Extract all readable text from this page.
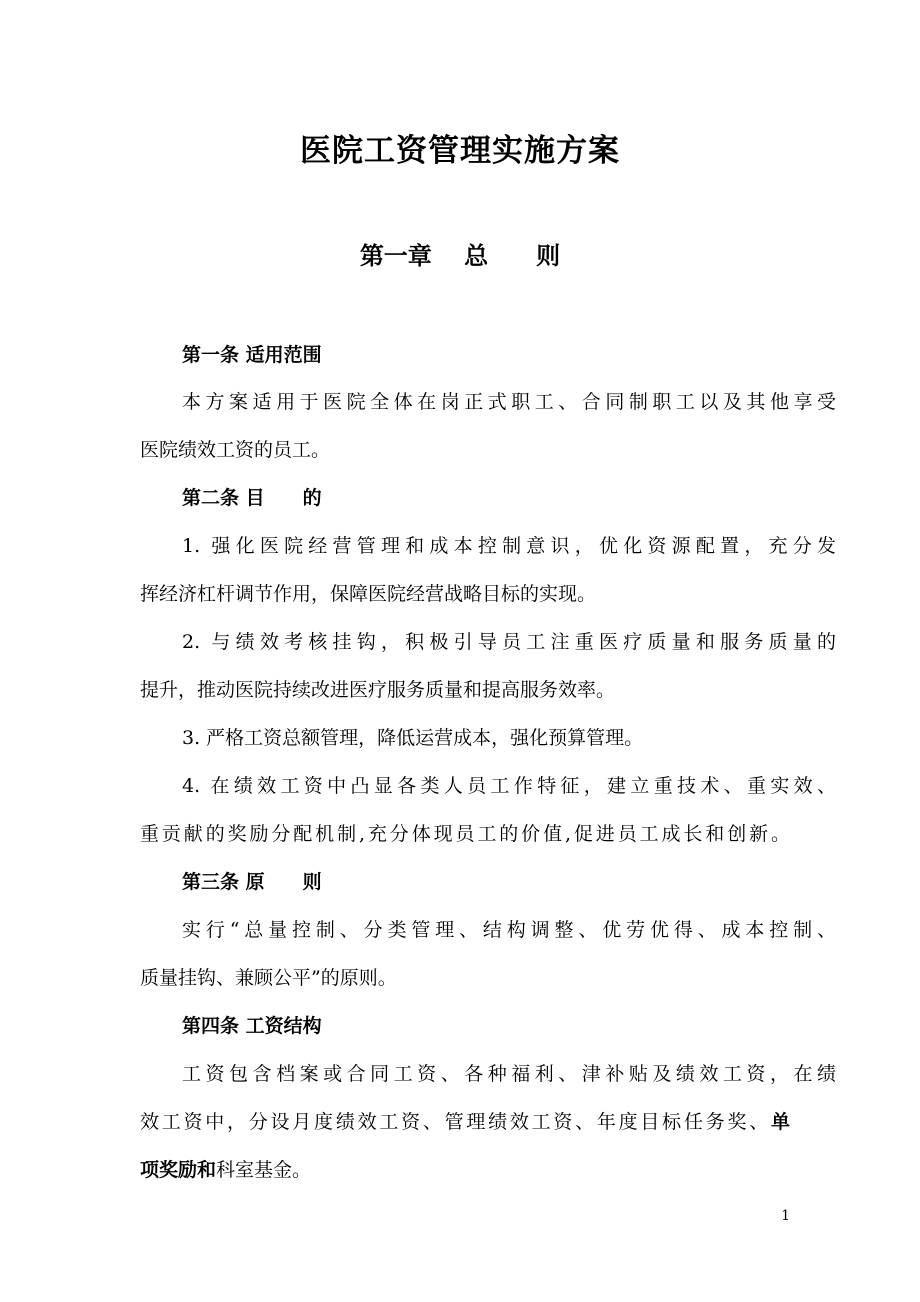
医院工资管理实施方案
第一章　 总　　则
第一条 适用范围
本方案适用于医院全体在岗正式职工、合同制职工以及其他享受
医院绩效工资的员工。
第二条 目　　的
1. 强化医院经营管理和成本控制意识，优化资源配置，充分发
挥经济杠杆调节作用，保障医院经营战略目标的实现。
2. 与绩效考核挂钩，积极引导员工注重医疗质量和服务质量的
提升，推动医院持续改进医疗服务质量和提高服务效率。
3. 严格工资总额管理，降低运营成本，强化预算管理。
4. 在绩效工资中凸显各类人员工作特征，建立重技术、重实效、
重贡献的奖励分配机制,充分体现员工的价值,促进员工成长和创新。
第三条 原　　则
实行“总量控制、分类管理、结构调整、优劳优得、成本控制、
质量挂钩、兼顾公平”的原则。
第四条 工资结构
工资包含档案或合同工资、各种福利、津补贴及绩效工资，在绩
效工资中，分设月度绩效工资、管理绩效工资、年度目标任务奖、单
项奖励和科室基金。
1
